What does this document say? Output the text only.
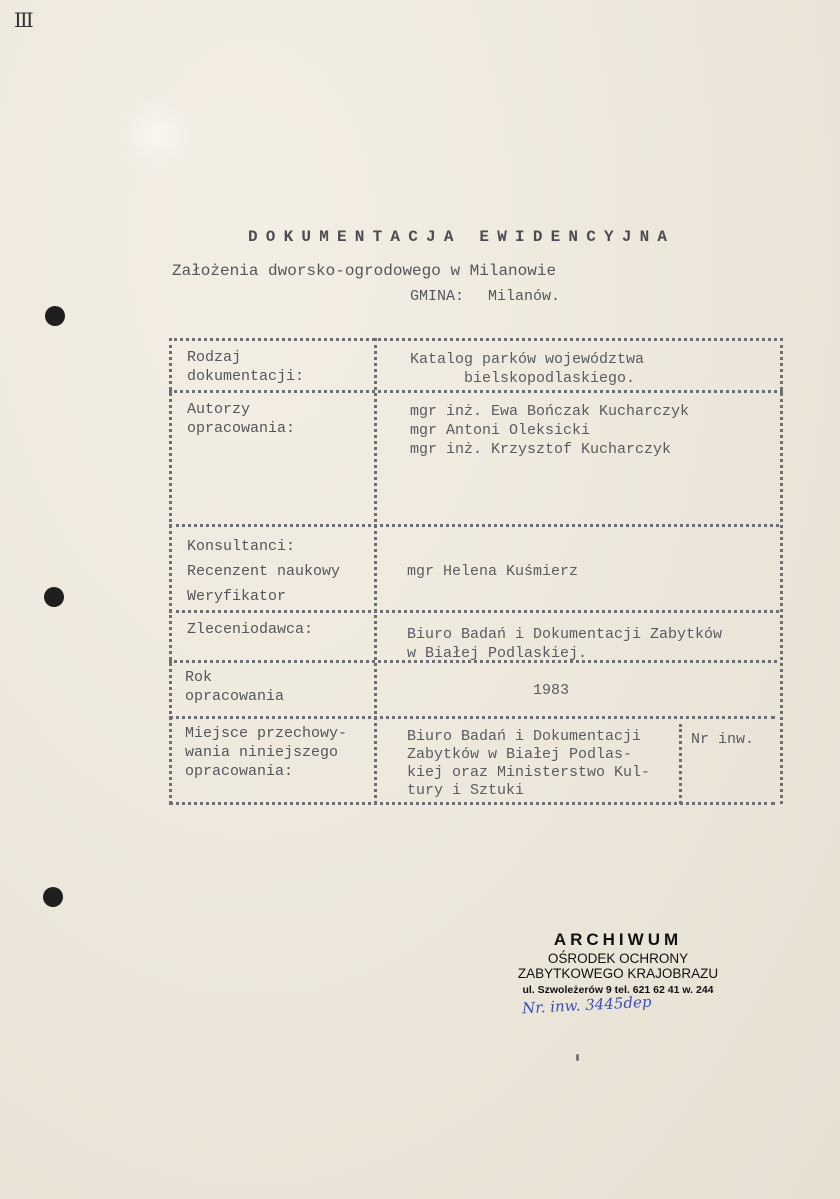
III
DOKUMENTACJA EWIDENCYJNA
Założenia dworsko-ogrodowego w Milanowie
GMINA: Milanów.
Rodzaj
dokumentacji:
Katalog parków województwa
bielskopodlaskiego.
Autorzy
opracowania:
mgr inż. Ewa Bończak Kucharczyk
mgr Antoni Oleksicki
mgr inż. Krzysztof Kucharczyk
Konsultanci:
Recenzent naukowy
Weryfikator
mgr Helena Kuśmierz
Zleceniodawca:	Biuro Badań i Dokumentacji Zabytków
w Białej Podlaskiej.
Rok
opracowania	1983
Miejsce przechowy-
wania niniejszego
opracowania:
Biuro Badań i Dokumentacji
Zabytków w Białej Podlas-
kiej oraz Ministerstwo Kul-
tury i Sztuki
Nr inw.
ARCHIWUM
OŚRODEK OCHRONY
ZABYTKOWEGO KRAJOBRAZU
ul. Szwoleżerów 9 tel. 621 62 41 w. 244
Nr. inw. 3445dep
